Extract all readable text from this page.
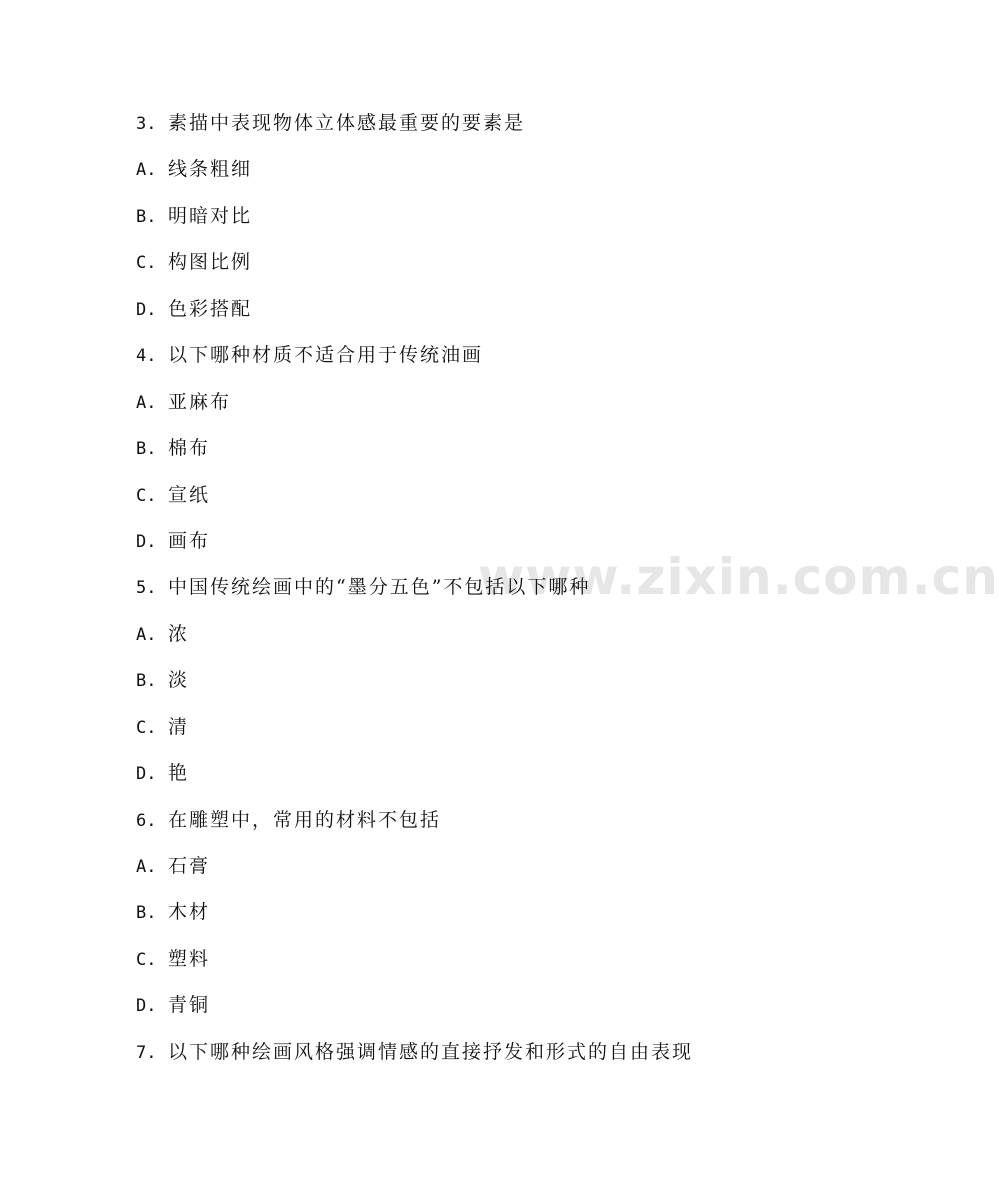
www.zixin.com.cn
3. 素描中表现物体立体感最重要的要素是
A. 线条粗细
B. 明暗对比
C. 构图比例
D. 色彩搭配
4. 以下哪种材质不适合用于传统油画
A. 亚麻布
B. 棉布
C. 宣纸
D. 画布
5. 中国传统绘画中的“墨分五色”不包括以下哪种
A. 浓
B. 淡
C. 清
D. 艳
6. 在雕塑中，常用的材料不包括
A. 石膏
B. 木材
C. 塑料
D. 青铜
7. 以下哪种绘画风格强调情感的直接抒发和形式的自由表现
